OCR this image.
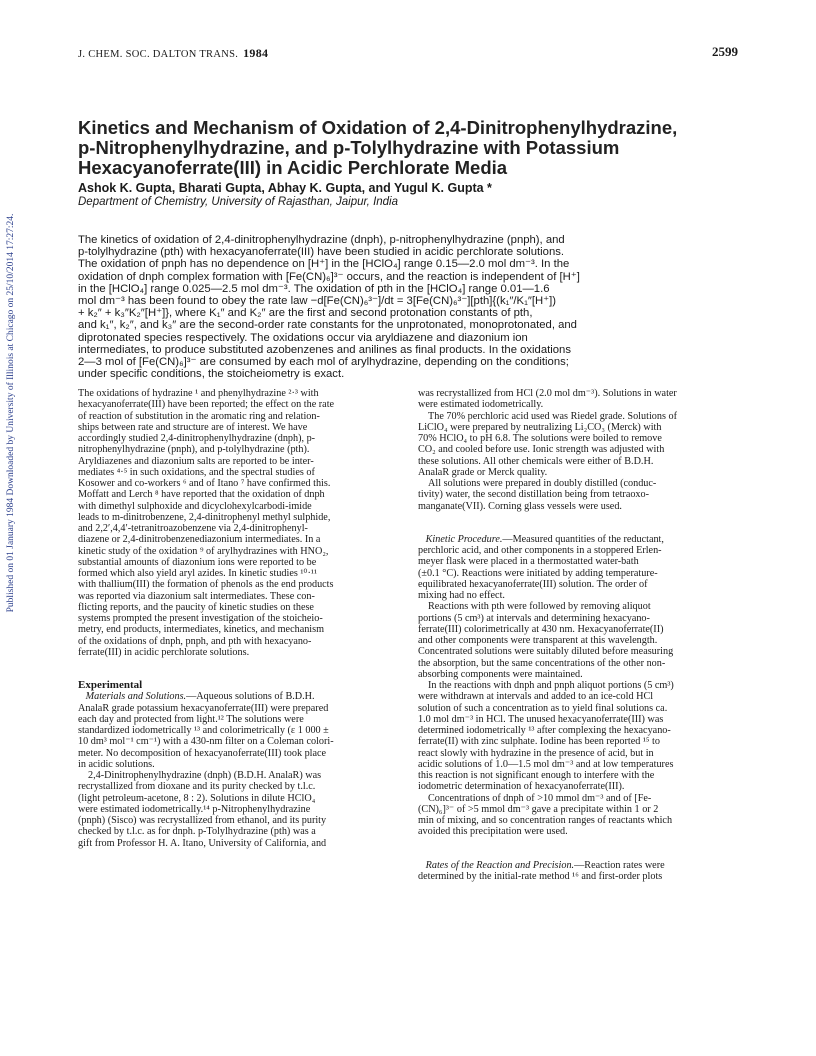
J. CHEM. SOC. DALTON TRANS. 1984	2599
Published on 01 January 1984 Downloaded by University of Illinois at Chicago on 25/10/2014 17:27:24.
Kinetics and Mechanism of Oxidation of 2,4-Dinitrophenylhydrazine,
p-Nitrophenylhydrazine, and p-Tolylhydrazine with Potassium
Hexacyanoferrate(III) in Acidic Perchlorate Media
Ashok K. Gupta, Bharati Gupta, Abhay K. Gupta, and Yugul K. Gupta *
Department of Chemistry, University of Rajasthan, Jaipur, India
The kinetics of oxidation of 2,4-dinitrophenylhydrazine (dnph), p-nitrophenylhydrazine (pnph), and
p-tolylhydrazine (pth) with hexacyanoferrate(III) have been studied in acidic perchlorate solutions.
The oxidation of pnph has no dependence on [H⁺] in the [HClO₄] range 0.15—2.0 mol dm⁻³. In the
oxidation of dnph complex formation with [Fe(CN)₆]³⁻ occurs, and the reaction is independent of [H⁺]
in the [HClO₄] range 0.025—2.5 mol dm⁻³. The oxidation of pth in the [HClO₄] range 0.01—1.6
mol dm⁻³ has been found to obey the rate law −d[Fe(CN)₆³⁻]/dt = 3[Fe(CN)₆³⁻][pth]{(k₁″/K₁″[H⁺])
+ k₂″ + k₃″K₂″[H⁺]}, where K₁″ and K₂″ are the first and second protonation constants of pth,
and k₁″, k₂″, and k₃″ are the second-order rate constants for the unprotonated, monoprotonated, and
diprotonated species respectively. The oxidations occur via aryldiazene and diazonium ion
intermediates, to produce substituted azobenzenes and anilines as final products. In the oxidations
2—3 mol of [Fe(CN)₆]³⁻ are consumed by each mol of arylhydrazine, depending on the conditions;
under specific conditions, the stoicheiometry is exact.
The oxidations of hydrazine ¹ and phenylhydrazine ²·³ with
hexacyanoferrate(III) have been reported; the effect on the rate
of reaction of substitution in the aromatic ring and relation-
ships between rate and structure are of interest. We have
accordingly studied 2,4-dinitrophenylhydrazine (dnph), p-
nitrophenylhydrazine (pnph), and p-tolylhydrazine (pth).
Aryldiazenes and diazonium salts are reported to be inter-
mediates ⁴·⁵ in such oxidations, and the spectral studies of
Kosower and co-workers ⁶ and of Itano ⁷ have confirmed this.
Moffatt and Lerch ⁸ have reported that the oxidation of dnph
with dimethyl sulphoxide and dicyclohexylcarbodi-imide
leads to m-dinitrobenzene, 2,4-dinitrophenyl methyl sulphide,
and 2,2′,4,4′-tetranitroazobenzene via 2,4-dinitrophenyl-
diazene or 2,4-dinitrobenzenediazonium intermediates. In a
kinetic study of the oxidation ⁹ of arylhydrazines with HNO₂,
substantial amounts of diazonium ions were reported to be
formed which also yield aryl azides. In kinetic studies ¹⁰·¹¹
with thallium(III) the formation of phenols as the end products
was reported via diazonium salt intermediates. These con-
flicting reports, and the paucity of kinetic studies on these
systems prompted the present investigation of the stoicheio-
metry, end products, intermediates, kinetics, and mechanism
of the oxidations of dnph, pnph, and pth with hexacyano-
ferrate(III) in acidic perchlorate solutions.
Experimental
Materials and Solutions.—Aqueous solutions of B.D.H.
AnalaR grade potassium hexacyanoferrate(III) were prepared
each day and protected from light.¹² The solutions were
standardized iodometrically ¹³ and colorimetrically (ε 1 000 ±
10 dm³ mol⁻¹ cm⁻¹) with a 430-nm filter on a Coleman colori-
meter. No decomposition of hexacyanoferrate(III) took place
in acidic solutions.
2,4-Dinitrophenylhydrazine (dnph) (B.D.H. AnalaR) was
recrystallized from dioxane and its purity checked by t.l.c.
(light petroleum-acetone, 8 : 2). Solutions in dilute HClO₄
were estimated iodometrically.¹⁴ p-Nitrophenylhydrazine
(pnph) (Sisco) was recrystallized from ethanol, and its purity
checked by t.l.c. as for dnph. p-Tolylhydrazine (pth) was a
gift from Professor H. A. Itano, University of California, and
was recrystallized from HCl (2.0 mol dm⁻³). Solutions in water
were estimated iodometrically.
The 70% perchloric acid used was Riedel grade. Solutions of
LiClO₄ were prepared by neutralizing Li₂CO₃ (Merck) with
70% HClO₄ to pH 6.8. The solutions were boiled to remove
CO₂ and cooled before use. Ionic strength was adjusted with
these solutions. All other chemicals were either of B.D.H.
AnalaR grade or Merck quality.
All solutions were prepared in doubly distilled (conduc-
tivity) water, the second distillation being from tetraoxo-
manganate(VII). Corning glass vessels were used.
Kinetic Procedure.—Measured quantities of the reductant,
perchloric acid, and other components in a stoppered Erlen-
meyer flask were placed in a thermostatted water-bath
(±0.1 °C). Reactions were initiated by adding temperature-
equilibrated hexacyanoferrate(III) solution. The order of
mixing had no effect.
Reactions with pth were followed by removing aliquot
portions (5 cm³) at intervals and determining hexacyano-
ferrate(III) colorimetrically at 430 nm. Hexacyanoferrate(II)
and other components were transparent at this wavelength.
Concentrated solutions were suitably diluted before measuring
the absorption, but the same concentrations of the other non-
absorbing components were maintained.
In the reactions with dnph and pnph aliquot portions (5 cm³)
were withdrawn at intervals and added to an ice-cold HCl
solution of such a concentration as to yield final solutions ca.
1.0 mol dm⁻³ in HCl. The unused hexacyanoferrate(III) was
determined iodometrically ¹³ after complexing the hexacyano-
ferrate(II) with zinc sulphate. Iodine has been reported ¹⁵ to
react slowly with hydrazine in the presence of acid, but in
acidic solutions of 1.0—1.5 mol dm⁻³ and at low temperatures
this reaction is not significant enough to interfere with the
iodometric determination of hexacyanoferrate(III).
Concentrations of dnph of >10 mmol dm⁻³ and of [Fe-
(CN)₆]³⁻ of >5 mmol dm⁻³ gave a precipitate within 1 or 2
min of mixing, and so concentration ranges of reactants which
avoided this precipitation were used.
Rates of the Reaction and Precision.—Reaction rates were
determined by the initial-rate method ¹⁶ and first-order plots
